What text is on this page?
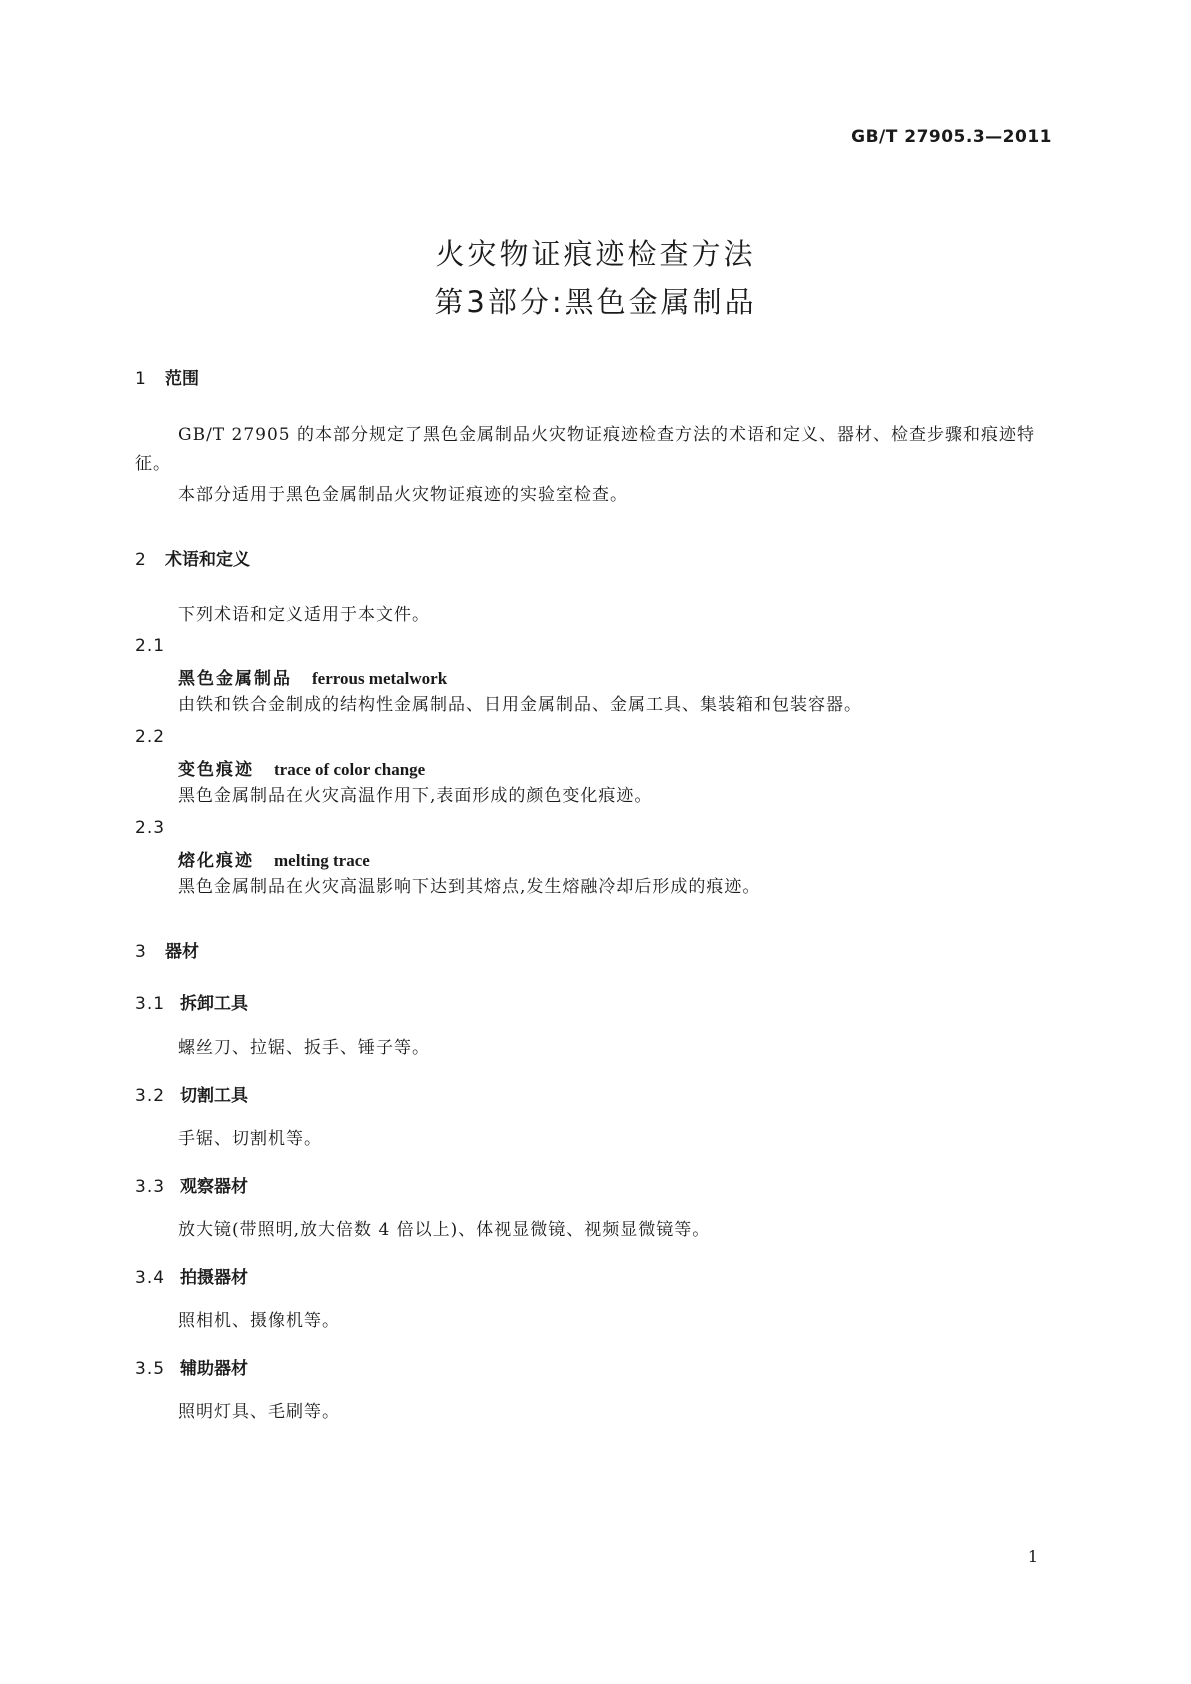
GB/T 27905.3—2011
火灾物证痕迹检查方法
第3部分:黑色金属制品
1 范围
GB/T 27905 的本部分规定了黑色金属制品火灾物证痕迹检查方法的术语和定义、器材、检查步骤和痕迹特征。
本部分适用于黑色金属制品火灾物证痕迹的实验室检查。
2 术语和定义
下列术语和定义适用于本文件。
2.1
黑色金属制品 ferrous metalwork
由铁和铁合金制成的结构性金属制品、日用金属制品、金属工具、集装箱和包装容器。
2.2
变色痕迹 trace of color change
黑色金属制品在火灾高温作用下,表面形成的颜色变化痕迹。
2.3
熔化痕迹 melting trace
黑色金属制品在火灾高温影响下达到其熔点,发生熔融冷却后形成的痕迹。
3 器材
3.1 拆卸工具
螺丝刀、拉锯、扳手、锤子等。
3.2 切割工具
手锯、切割机等。
3.3 观察器材
放大镜(带照明,放大倍数 4 倍以上)、体视显微镜、视频显微镜等。
3.4 拍摄器材
照相机、摄像机等。
3.5 辅助器材
照明灯具、毛刷等。
1
